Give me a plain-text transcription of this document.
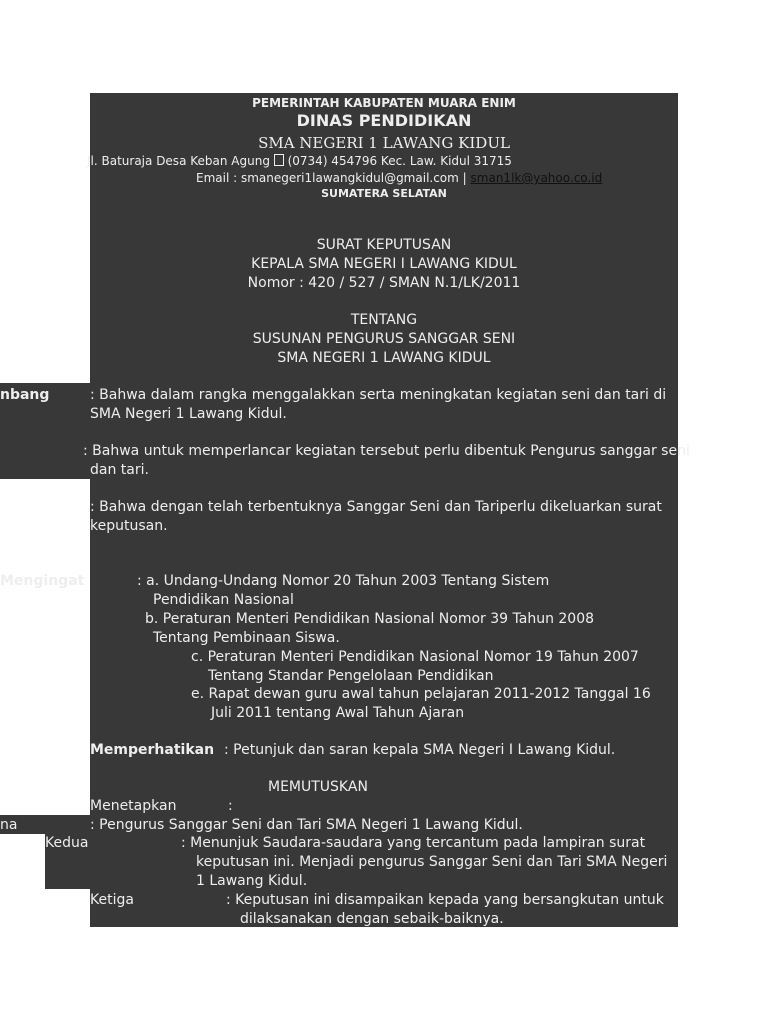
PEMERINTAH KABUPATEN MUARA ENIM
DINAS PENDIDIKAN
SMA NEGERI 1 LAWANG KIDUL
Jl. Baturaja Desa Keban Agung (0734) 454796 Kec. Law. Kidul 31715
Email : smanegeri1lawangkidul@gmail.com | sman1lk@yahoo.co.id
SUMATERA SELATAN
SURAT KEPUTUSAN
KEPALA SMA NEGERI I LAWANG KIDUL
Nomor : 420 / 527 / SMAN N.1/LK/2011
TENTANG
SUSUNAN PENGURUS SANGGAR SENI
SMA NEGERI 1 LAWANG KIDUL
nbang	: Bahwa dalam rangka menggalakkan serta meningkatan kegiatan seni dan tari di
SMA Negeri 1 Lawang Kidul.
: Bahwa untuk memperlancar kegiatan tersebut perlu dibentuk Pengurus sanggar seni
dan tari.
: Bahwa dengan telah terbentuknya Sanggar Seni dan Tariperlu dikeluarkan surat
keputusan.
Mengingat	: a. Undang-Undang Nomor 20 Tahun 2003 Tentang Sistem
Pendidikan Nasional
b. Peraturan Menteri Pendidikan Nasional Nomor 39 Tahun 2008
Tentang Pembinaan Siswa.
c. Peraturan Menteri Pendidikan Nasional Nomor 19 Tahun 2007
Tentang Standar Pengelolaan Pendidikan
e. Rapat dewan guru awal tahun pelajaran 2011-2012 Tanggal 16
Juli 2011 tentang Awal Tahun Ajaran
Memperhatikan : Petunjuk dan saran kepala SMA Negeri I Lawang Kidul.
MEMUTUSKAN
Menetapkan	:
na	: Pengurus Sanggar Seni dan Tari SMA Negeri 1 Lawang Kidul.
Kedua	: Menunjuk Saudara-saudara yang tercantum pada lampiran surat
keputusan ini. Menjadi pengurus Sanggar Seni dan Tari SMA Negeri
1 Lawang Kidul.
Ketiga	: Keputusan ini disampaikan kepada yang bersangkutan untuk
dilaksanakan dengan sebaik-baiknya.
